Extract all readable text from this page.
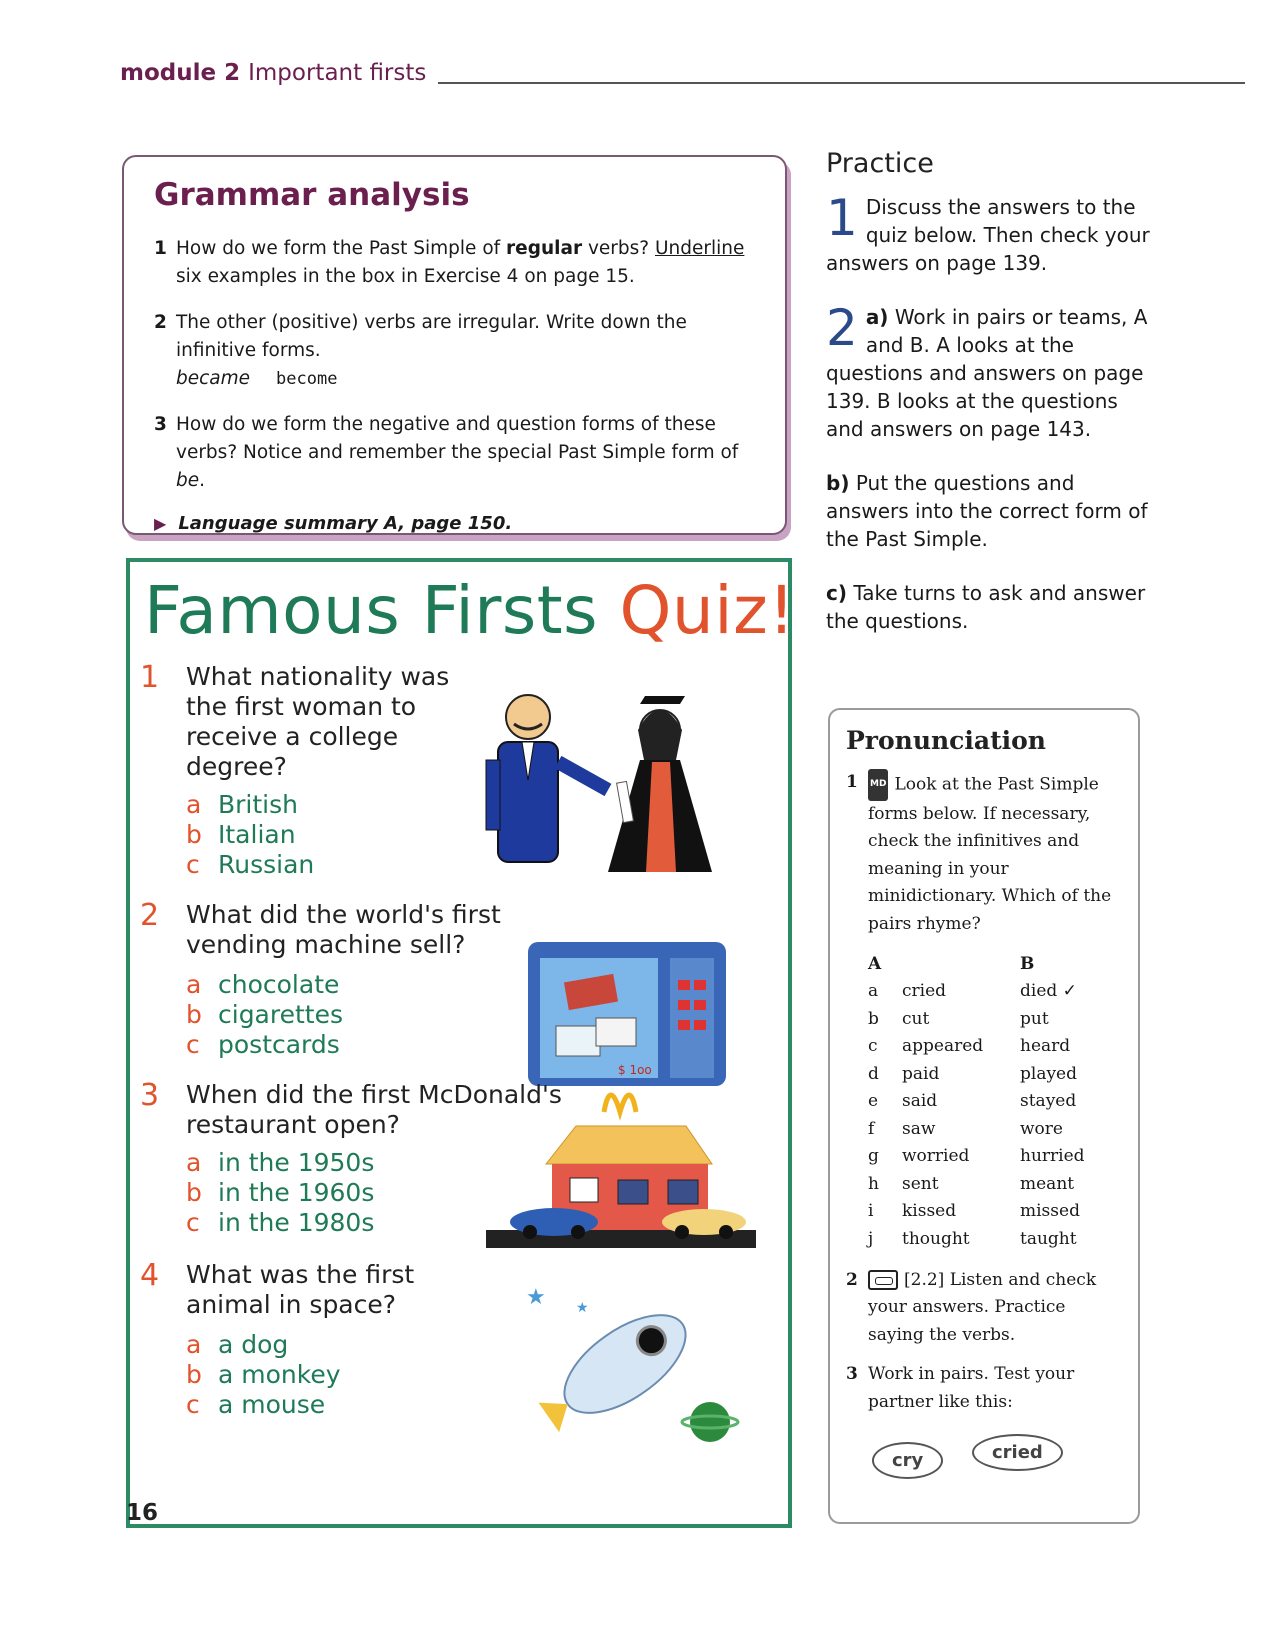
module 2 Important firsts
Grammar analysis
1 How do we form the Past Simple of regular verbs? Underline six examples in the box in Exercise 4 on page 15.
2 The other (positive) verbs are irregular. Write down the infinitive forms.
became become
3 How do we form the negative and question forms of these verbs? Notice and remember the special Past Simple form of be.
▶ Language summary A, page 150.
Famous Firsts Quiz!
1 What nationality was
the first woman to
receive a college
degree?
a British
b Italian
c Russian
2 What did the world's first
vending machine sell?
a chocolate
b cigarettes
c postcards
$ 1oo
3 When did the first McDonald's
restaurant open?
a in the 1950s
b in the 1960s
c in the 1980s
4 What was the first
animal in space?
a a dog
b a monkey
c a mouse
★ ★
Practice
1 Discuss the answers to the quiz below. Then check your answers on page 139.
2 a) Work in pairs or teams, A and B. A looks at the questions and answers on page 139. B looks at the questions and answers on page 143.
b) Put the questions and answers into the correct form of the Past Simple.
c) Take turns to ask and answer the questions.
Pronunciation
1 MD Look at the Past Simple forms below. If necessary, check the infinitives and meaning in your minidictionary. Which of the pairs rhyme?
A	B
a	cried	died ✓
b	cut	put
c	appeared	heard
d	paid	played
e	said	stayed
f	saw	wore
g	worried	hurried
h	sent	meant
i	kissed	missed
j	thought	taught
2	[2.2] Listen and check your answers. Practice saying the verbs.
3 Work in pairs. Test your partner like this:
cry	cried
16
